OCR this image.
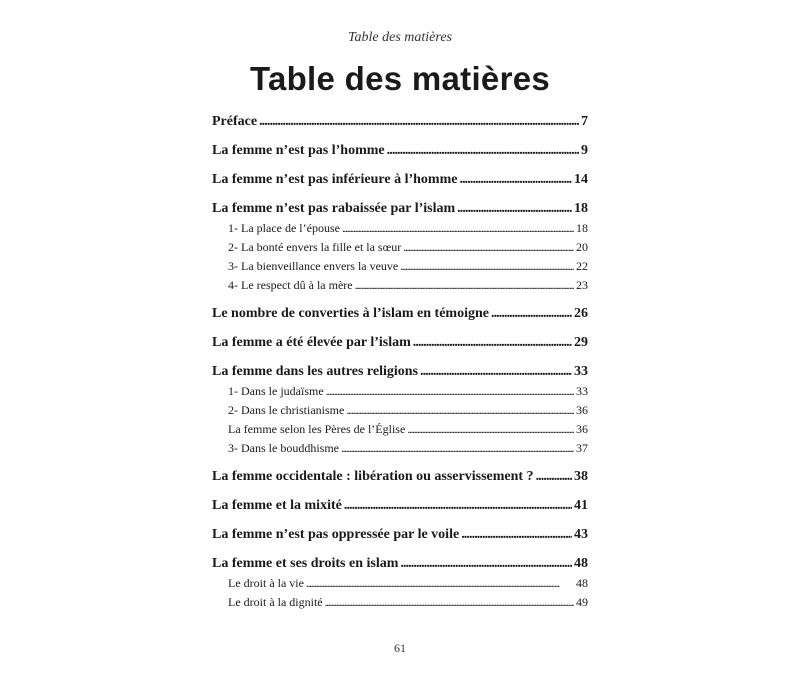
Table des matières
Table des matières
Préface . . .	7
La femme n’est pas l’homme . . .	9
La femme n’est pas inférieure à l’homme . . .	14
La femme n’est pas rabaissée par l’islam . . .	18
1- La place de l’épouse . . .	18
2- La bonté envers la fille et la sœur . . .	20
3- La bienveillance envers la veuve . . .	22
4- Le respect dû à la mère . . .	23
Le nombre de converties à l’islam en témoigne . . .	26
La femme a été élevée par l’islam . . .	29
La femme dans les autres religions . . .	33
1- Dans le judaïsme . . .	33
2- Dans le christianisme . . .	36
La femme selon les Pères de l’Église . . .	36
3- Dans le bouddhisme . . .	37
La femme occidentale : libération ou asservissement ? . . .	38
La femme et la mixité . . .	41
La femme n’est pas oppressée par le voile . . .	43
La femme et ses droits en islam . . .	48
Le droit à la vie . . .	48
Le droit à la dignité . . .	49
61
